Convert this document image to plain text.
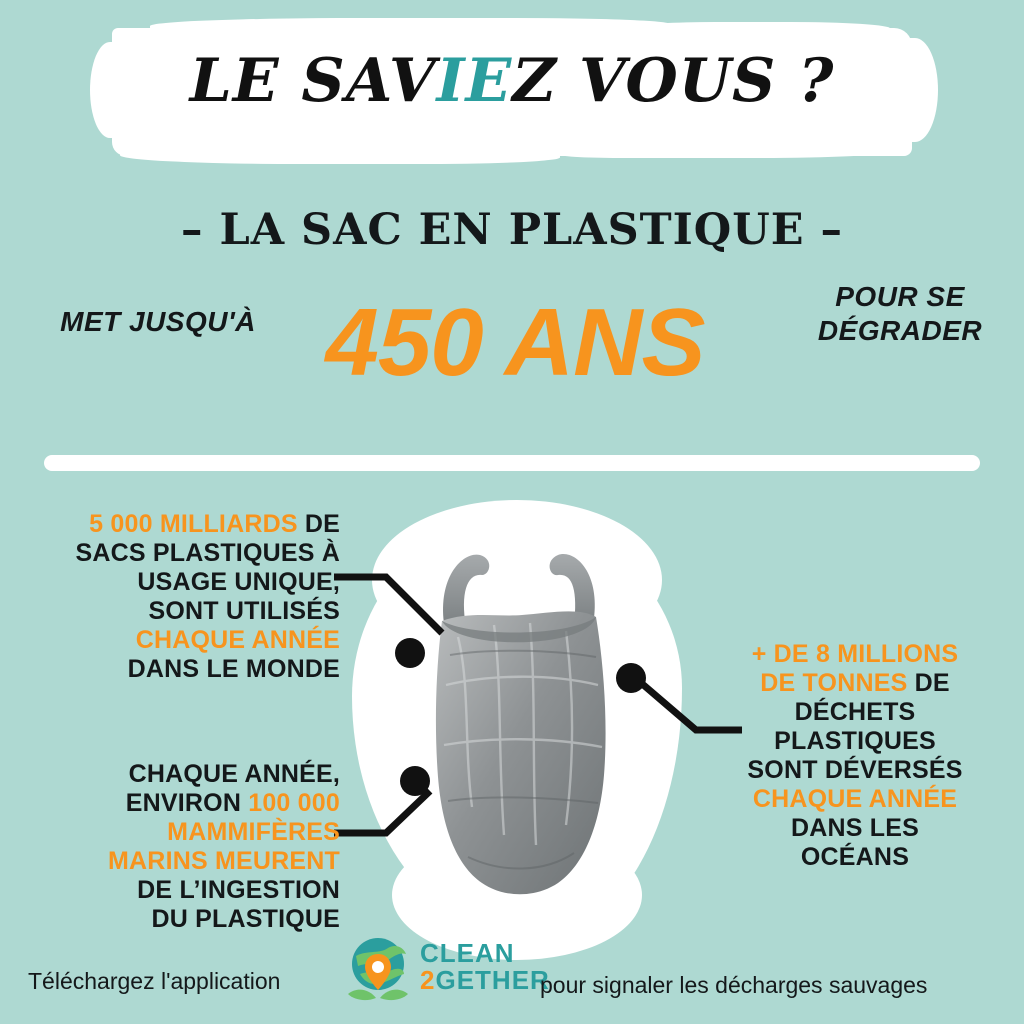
LE SAVIEZ VOUS ?
– LA SAC EN PLASTIQUE –
MET JUSQU'À 450 ANS	POUR SE DÉGRADER
5 000 MILLIARDS DE
SACS PLASTIQUES À
USAGE UNIQUE,
SONT UTILISÉS
CHAQUE ANNÉE
DANS LE MONDE
CHAQUE ANNÉE,
ENVIRON 100 000
MAMMIFÈRES
MARINS MEURENT
DE L’INGESTION
DU PLASTIQUE
+ DE 8 MILLIONS
DE TONNES DE
DÉCHETS
PLASTIQUES
SONT DÉVERSÉS
CHAQUE ANNÉE
DANS LES
OCÉANS
Téléchargez l'application
CLEAN
2GETHER
pour signaler les décharges sauvages
